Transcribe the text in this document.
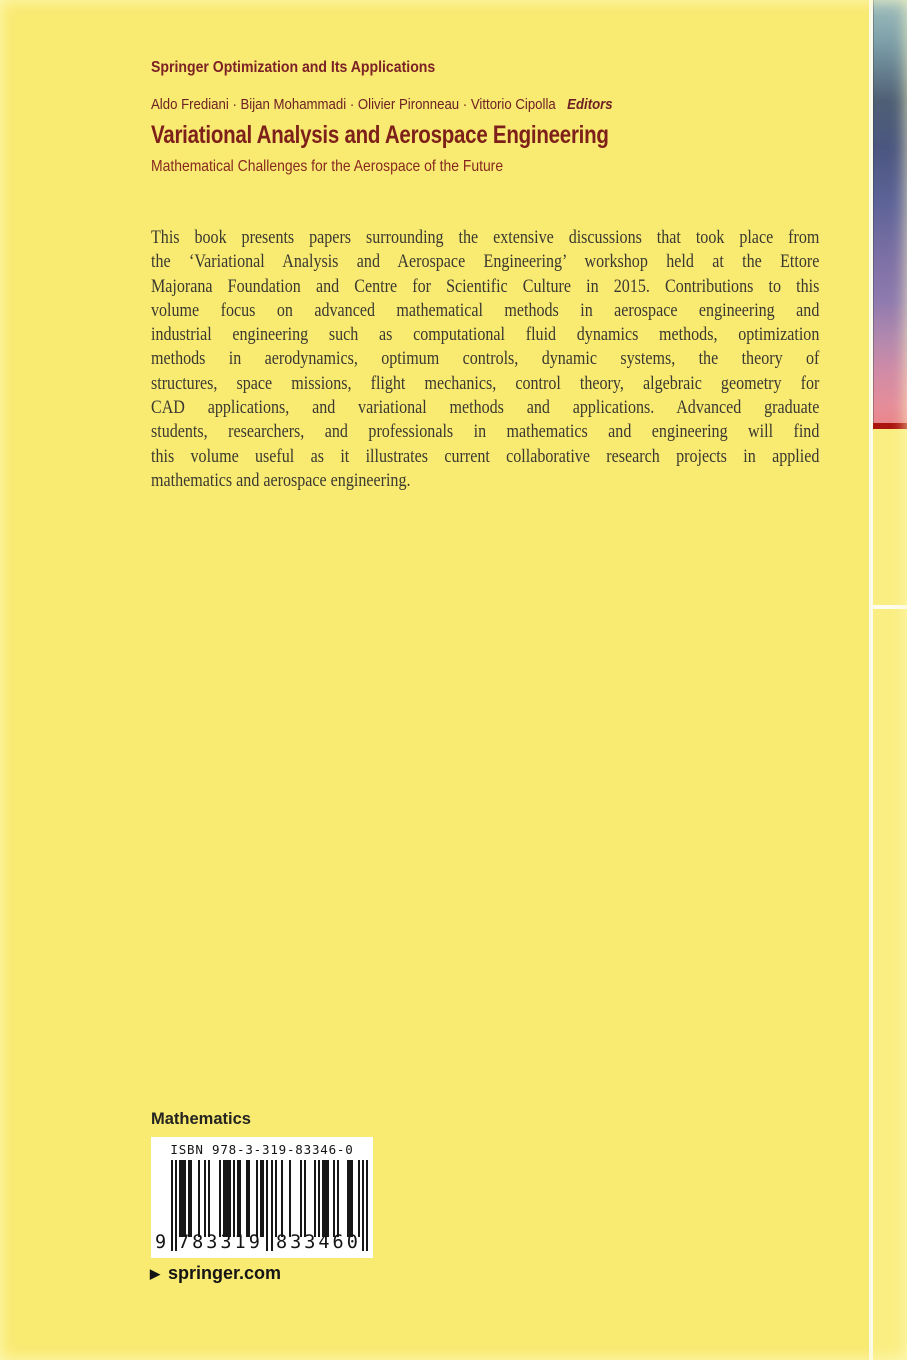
Springer Optimization and Its Applications
Aldo Frediani · Bijan Mohammadi · Olivier Pironneau · Vittorio Cipolla Editors
Variational Analysis and Aerospace Engineering
Mathematical Challenges for the Aerospace of the Future
This book presents papers surrounding the extensive discussions that took place from
the ‘Variational Analysis and Aerospace Engineering’ workshop held at the Ettore
Majorana Foundation and Centre for Scientific Culture in 2015. Contributions to this
volume focus on advanced mathematical methods in aerospace engineering and
industrial engineering such as computational fluid dynamics methods, optimization
methods in aerodynamics, optimum controls, dynamic systems, the theory of
structures, space missions, flight mechanics, control theory, algebraic geometry for
CAD applications, and variational methods and applications. Advanced graduate
students, researchers, and professionals in mathematics and engineering will find
this volume useful as it illustrates current collaborative research projects in applied
mathematics and aerospace engineering.
Mathematics
ISBN 978-3-319-83346-0
9 783319 833460
▶ springer.com
